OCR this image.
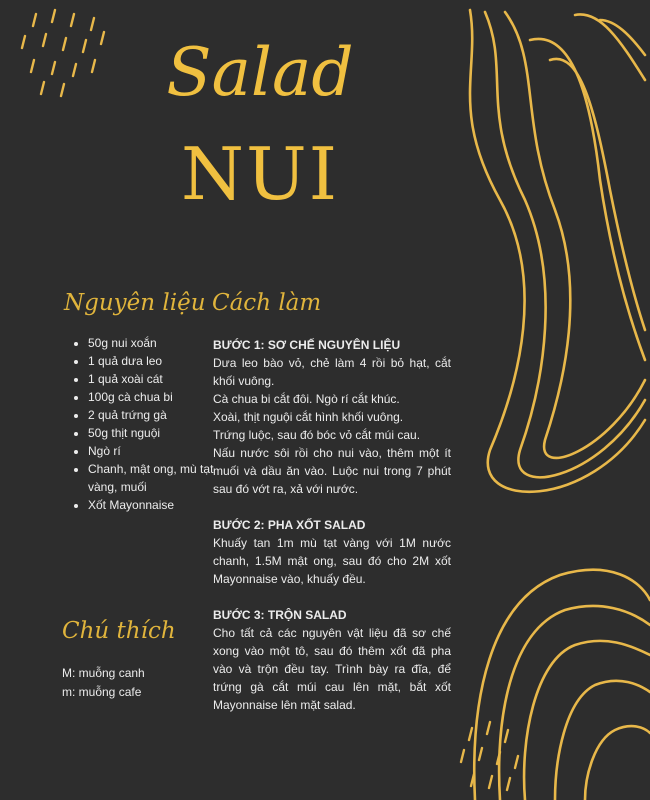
Salad
NUI
Nguyên liệu
• 50g nui xoắn
• 1 quả dưa leo
• 1 quả xoài cát
• 100g cà chua bi
• 2 quả trứng gà
• 50g thịt nguội
• Ngò rí
• Chanh, mật ong, mù tạt vàng, muối
• Xốt Mayonnaise
Cách làm
BƯỚC 1: SƠ CHẾ NGUYÊN LIỆU

Dưa leo bào vỏ, chẻ làm 4 rồi bỏ hạt, cắt khối vuông.

Cà chua bi cắt đôi. Ngò rí cắt khúc.

Xoài, thịt nguội cắt hình khối vuông.

Trứng luộc, sau đó bóc vỏ cắt múi cau.

Nấu nước sôi rồi cho nui vào, thêm một ít muối và dầu ăn vào. Luộc nui trong 7 phút sau đó vớt ra, xả với nước.

BƯỚC 2: PHA XỐT SALAD

Khuấy tan 1m mù tạt vàng với 1M nước chanh, 1.5M mật ong, sau đó cho 2M xốt Mayonnaise vào, khuấy đều.

BƯỚC 3: TRỘN SALAD

Cho tất cả các nguyên vật liệu đã sơ chế xong vào một tô, sau đó thêm xốt đã pha vào và trộn đều tay. Trình bày ra đĩa, để trứng gà cắt múi cau lên mặt, bắt xốt Mayonnaise lên mặt salad.

Chú thích
M: muỗng canh
m: muỗng cafe
